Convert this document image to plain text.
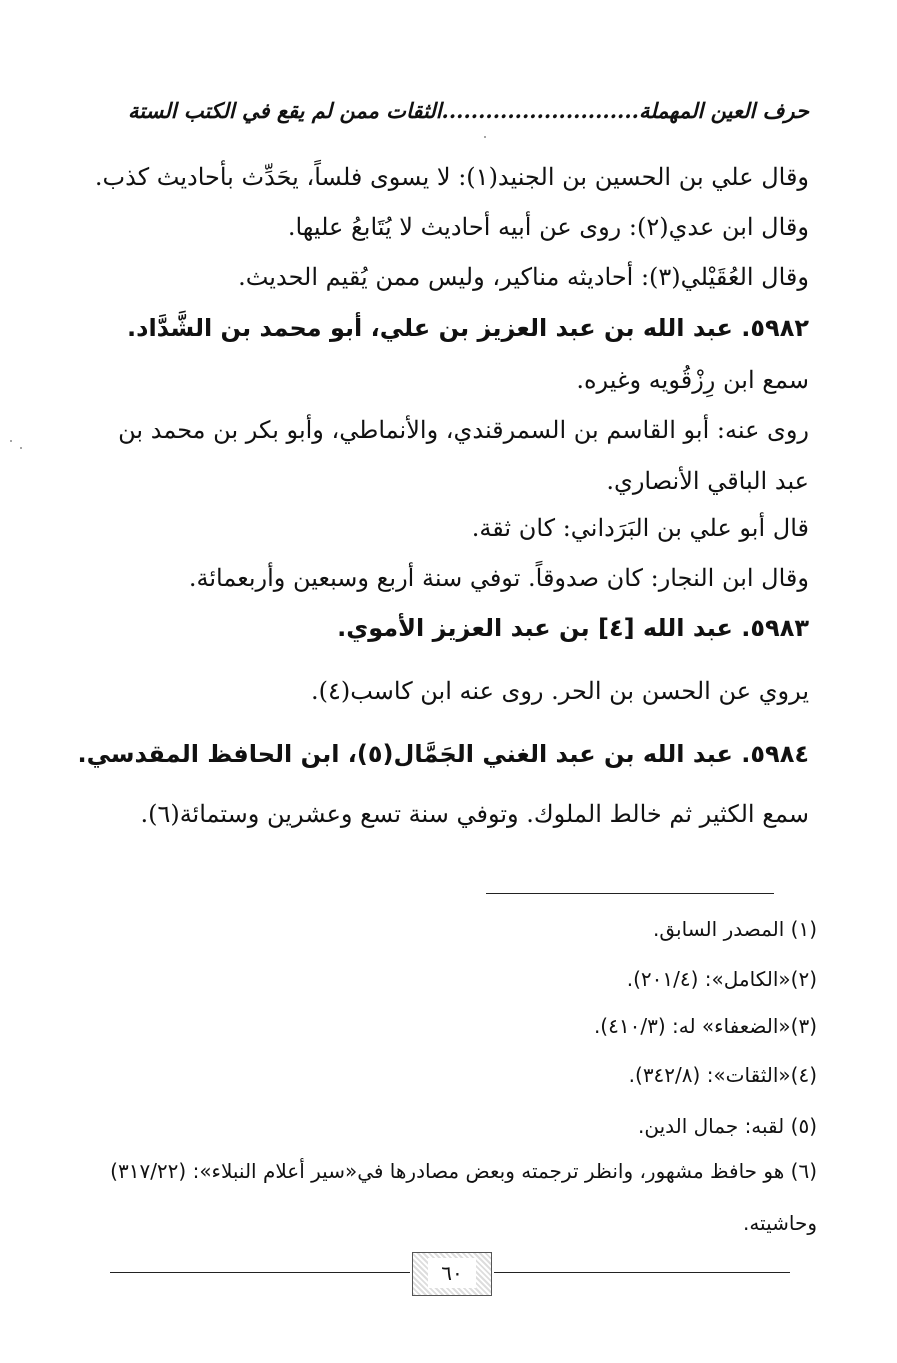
حرف العين المهملة...........................الثقات ممن لم يقع في الكتب الستة
وقال علي بن الحسين بن الجنيد(١): لا يسوى فلساً، يحَدِّث بأحاديث كذب.
وقال ابن عدي(٢): روى عن أبيه أحاديث لا يُتَابعُ عليها.
وقال العُقَيْلي(٣): أحاديثه مناكير، وليس ممن يُقيم الحديث.
٥٩٨٢. عبد الله بن عبد العزيز بن علي، أبو محمد بن الشَّدَّاد.
سمع ابن رِزْقُويه وغيره.
روى عنه: أبو القاسم بن السمرقندي، والأنماطي، وأبو بكر بن محمد بن
عبد الباقي الأنصاري.
قال أبو علي بن البَرَداني: كان ثقة.
وقال ابن النجار: كان صدوقاً. توفي سنة أربع وسبعين وأربعمائة.
٥٩٨٣. عبد الله [٤] بن عبد العزيز الأموي.
يروي عن الحسن بن الحر. روى عنه ابن كاسب(٤).
٥٩٨٤. عبد الله بن عبد الغني الجَمَّال(٥)، ابن الحافظ المقدسي.
سمع الكثير ثم خالط الملوك. وتوفي سنة تسع وعشرين وستمائة(٦).
(١) المصدر السابق.
(٢)«الكامل»: (٢٠١/٤).
(٣)«الضعفاء» له: (٤١٠/٣).
(٤)«الثقات»: (٣٤٢/٨).
(٥) لقبه: جمال الدين.
(٦) هو حافظ مشهور، وانظر ترجمته وبعض مصادرها في«سير أعلام النبلاء»: (٣١٧/٢٢)
وحاشيته.
٦٠
